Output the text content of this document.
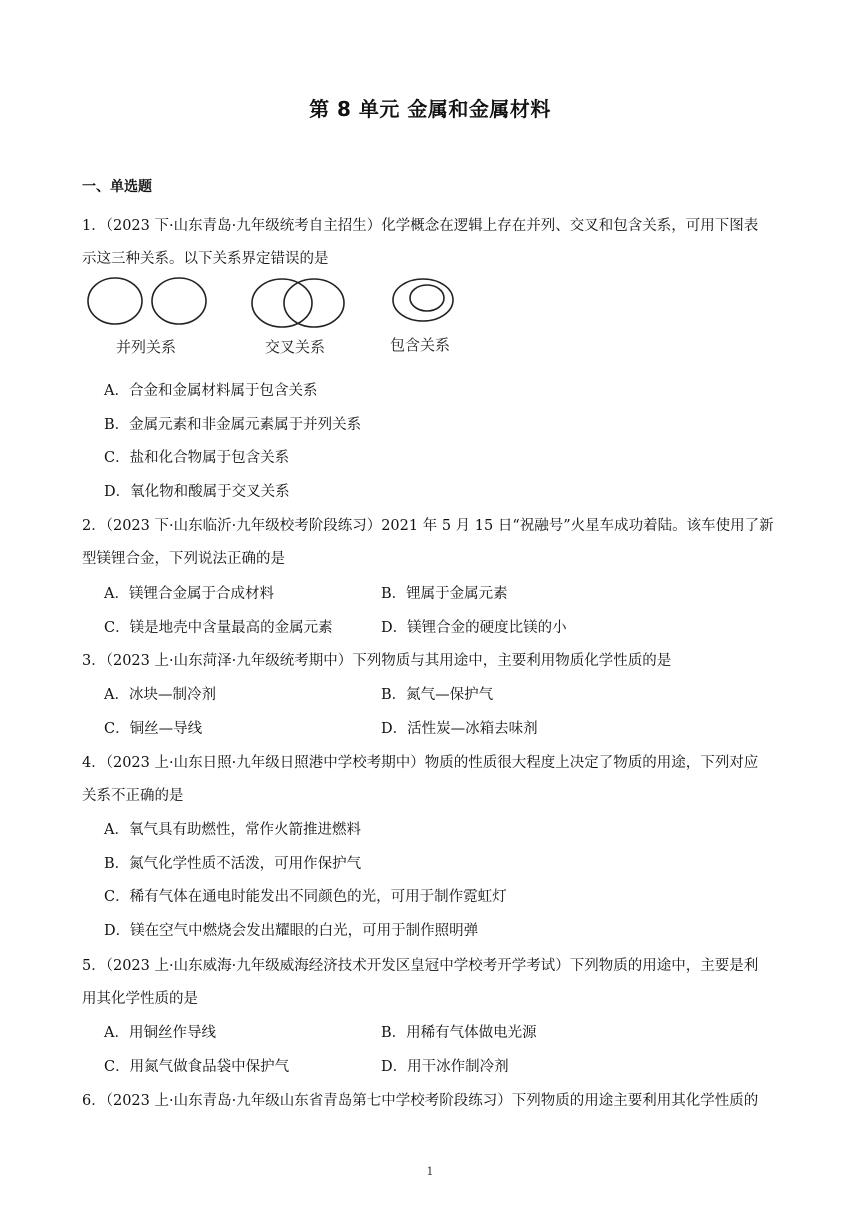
第 8 单元 金属和金属材料
一、单选题

1．（2023 下·山东青岛·九年级统考自主招生）化学概念在逻辑上存在并列、交叉和包含关系，可用下图表

示这三种关系。以下关系界定错误的是

并列关系	交叉关系	包含关系
A．合金和金属材料属于包含关系
B．金属元素和非金属元素属于并列关系
C．盐和化合物属于包含关系
D．氧化物和酸属于交叉关系

2．（2023 下·山东临沂·九年级校考阶段练习）2021 年 5 月 15 日“祝融号”火星车成功着陆。该车使用了新

型镁锂合金，下列说法正确的是

A．镁锂合金属于合成材料	B．锂属于金属元素
C．镁是地壳中含量最高的金属元素	D．镁锂合金的硬度比镁的小

3．（2023 上·山东菏泽·九年级统考期中）下列物质与其用途中，主要利用物质化学性质的是

A．冰块—制冷剂	B．氮气—保护气
C．铜丝—导线	D．活性炭—冰箱去味剂

4．（2023 上·山东日照·九年级日照港中学校考期中）物质的性质很大程度上决定了物质的用途，下列对应

关系不正确的是

A．氧气具有助燃性，常作火箭推进燃料
B．氮气化学性质不活泼，可用作保护气
C．稀有气体在通电时能发出不同颜色的光，可用于制作霓虹灯
D．镁在空气中燃烧会发出耀眼的白光，可用于制作照明弹

5．（2023 上·山东威海·九年级威海经济技术开发区皇冠中学校考开学考试）下列物质的用途中，主要是利

用其化学性质的是

A．用铜丝作导线	B．用稀有气体做电光源
C．用氮气做食品袋中保护气	D．用干冰作制冷剂

6．（2023 上·山东青岛·九年级山东省青岛第七中学校考阶段练习）下列物质的用途主要利用其化学性质的

1
